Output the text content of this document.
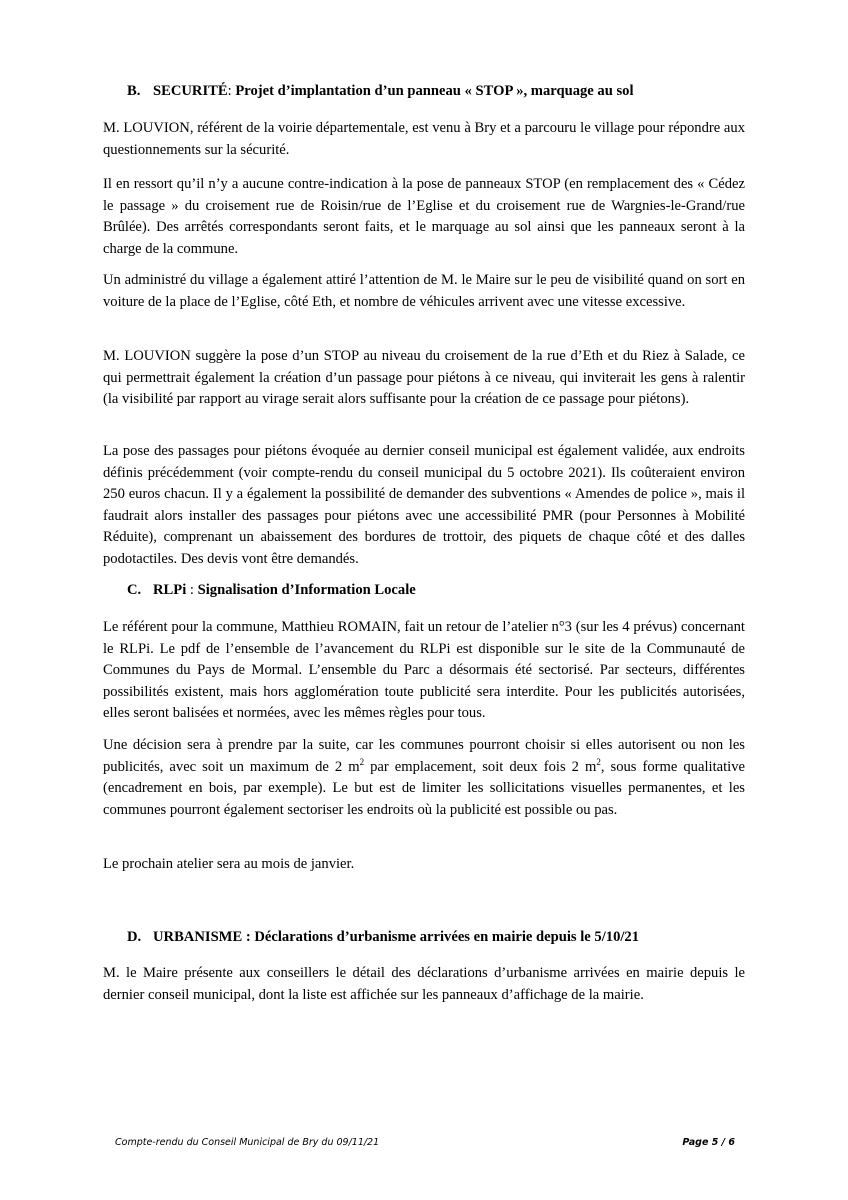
B. SECURITÉ: Projet d’implantation d’un panneau « STOP », marquage au sol

M. LOUVION, référent de la voirie départementale, est venu à Bry et a parcouru le village pour répondre aux questionnements sur la sécurité.

Il en ressort qu’il n’y a aucune contre-indication à la pose de panneaux STOP (en remplacement des « Cédez le passage » du croisement rue de Roisin/rue de l’Eglise et du croisement rue de Wargnies-le-Grand/rue Brûlée). Des arrêtés correspondants seront faits, et le marquage au sol ainsi que les panneaux seront à la charge de la commune.

Un administré du village a également attiré l’attention de M. le Maire sur le peu de visibilité quand on sort en voiture de la place de l’Eglise, côté Eth, et nombre de véhicules arrivent avec une vitesse excessive.

M. LOUVION suggère la pose d’un STOP au niveau du croisement de la rue d’Eth et du Riez à Salade, ce qui permettrait également la création d’un passage pour piétons à ce niveau, qui inviterait les gens à ralentir (la visibilité par rapport au virage serait alors suffisante pour la création de ce passage pour piétons).

La pose des passages pour piétons évoquée au dernier conseil municipal est également validée, aux endroits définis précédemment (voir compte-rendu du conseil municipal du 5 octobre 2021). Ils coûteraient environ 250 euros chacun. Il y a également la possibilité de demander des subventions « Amendes de police », mais il faudrait alors installer des passages pour piétons avec une accessibilité PMR (pour Personnes à Mobilité Réduite), comprenant un abaissement des bordures de trottoir, des piquets de chaque côté et des dalles podotactiles. Des devis vont être demandés.

C. RLPi : Signalisation d’Information Locale

Le référent pour la commune, Matthieu ROMAIN, fait un retour de l’atelier n°3 (sur les 4 prévus) concernant le RLPi. Le pdf de l’ensemble de l’avancement du RLPi est disponible sur le site de la Communauté de Communes du Pays de Mormal. L’ensemble du Parc a désormais été sectorisé. Par secteurs, différentes possibilités existent, mais hors agglomération toute publicité sera interdite. Pour les publicités autorisées, elles seront balisées et normées, avec les mêmes règles pour tous.

Une décision sera à prendre par la suite, car les communes pourront choisir si elles autorisent ou non les publicités, avec soit un maximum de 2 $m^2$ par emplacement, soit deux fois 2 $m^2$, sous forme qualitative (encadrement en bois, par exemple). Le but est de limiter les sollicitations visuelles permanentes, et les communes pourront également sectoriser les endroits où la publicité est possible ou pas.

Le prochain atelier sera au mois de janvier.

D. URBANISME : Déclarations d’urbanisme arrivées en mairie depuis le 5/10/21

M. le Maire présente aux conseillers le détail des déclarations d’urbanisme arrivées en mairie depuis le dernier conseil municipal, dont la liste est affichée sur les panneaux d’affichage de la mairie.

Compte-rendu du Conseil Municipal de Bry du 09/11/21	Page 5 / 6
